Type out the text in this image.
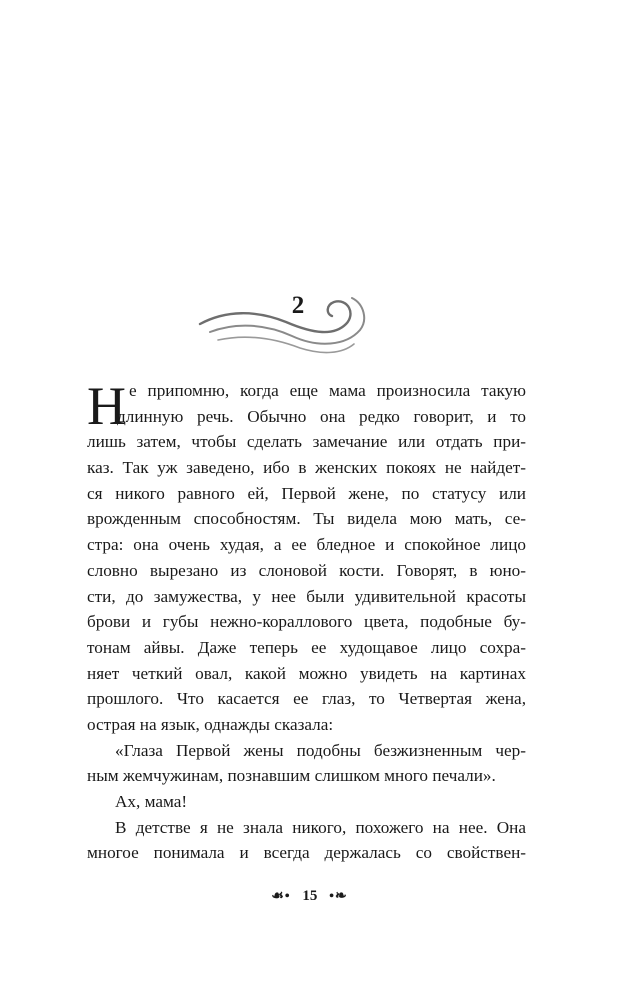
2
Н е припомню, когда еще мама произносила такую
длинную речь. Обычно она редко говорит, и то
лишь затем, чтобы сделать замечание или отдать при-
каз. Так уж заведено, ибо в женских покоях не найдет-
ся никого равного ей, Первой жене, по статусу или
врожденным способностям. Ты видела мою мать, се-
стра: она очень худая, а ее бледное и спокойное лицо
словно вырезано из слоновой кости. Говорят, в юно-
сти, до замужества, у нее были удивительной красоты
брови и губы нежно-кораллового цвета, подобные бу-
тонам айвы. Даже теперь ее худощавое лицо сохра-
няет четкий овал, какой можно увидеть на картинах
прошлого. Что касается ее глаз, то Четвертая жена,
острая на язык, однажды сказала:
«Глаза Первой жены подобны безжизненным чер-
ным жемчужинам, познавшим слишком много печали».
Ах, мама!
В детстве я не знала никого, похожего на нее. Она
многое понимала и всегда держалась со свойствен-
☙• 15 •❧
